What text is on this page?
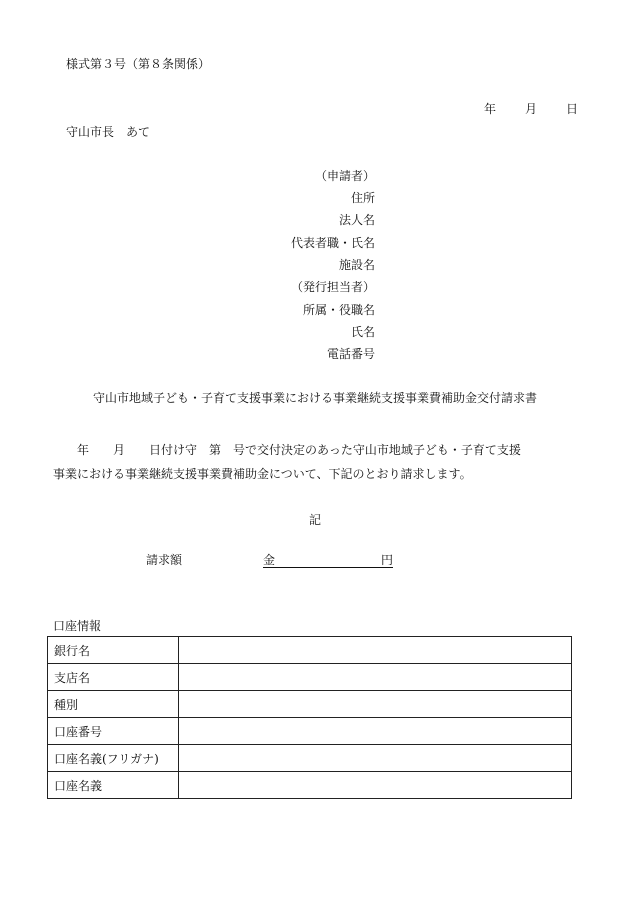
様式第３号（第８条関係）
年 月 日
守山市長　あて
（申請者）
住所
法人名
代表者職・氏名
施設名
（発行担当者）
所属・役職名
氏名
電話番号
守山市地域子ども・子育て支援事業における事業継続支援事業費補助金交付請求書
　　年　　月　　日付け守　第　号で交付決定のあった守山市地域子ども・子育て支援
事業における事業継続支援事業費補助金について、下記のとおり請求します。
記
請求額	金	円
口座情報
銀行名	
支店名	
種別	
口座番号	
口座名義(フリガナ)	
口座名義	
